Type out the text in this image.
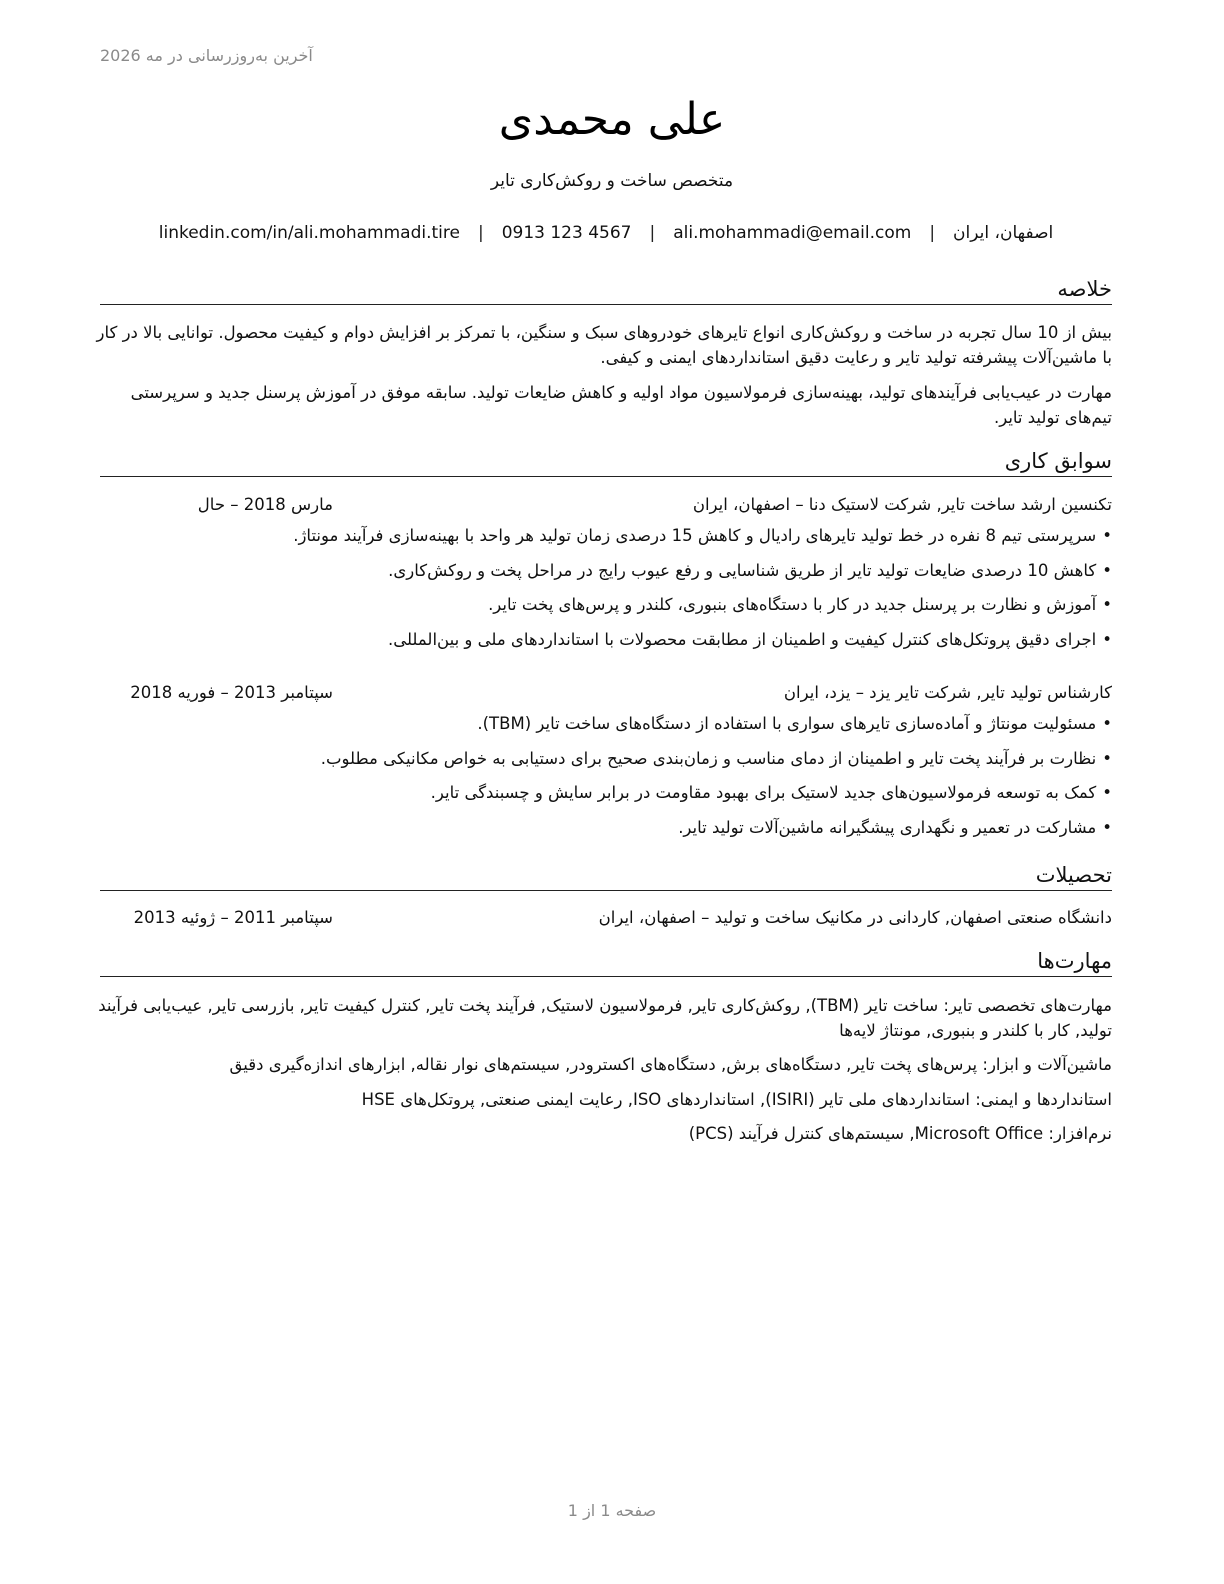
آخرین به‌روزرسانی در مه 2026
علی محمدی
متخصص ساخت و روکش‌کاری تایر
اصفهان، ایران
|
ali.mohammadi@email.com
|
0913 123 4567
|
linkedin.com/in/ali.mohammadi.tire
خلاصه
بیش از 10 سال تجربه در ساخت و روکش‌کاری انواع تایرهای خودروهای سبک و سنگین، با تمرکز بر افزایش دوام و کیفیت محصول. توانایی بالا در کار با ماشین‌آلات پیشرفته تولید تایر و رعایت دقیق استانداردهای ایمنی و کیفی.
مهارت در عیب‌یابی فرآیندهای تولید، بهینه‌سازی فرمولاسیون مواد اولیه و کاهش ضایعات تولید. سابقه موفق در آموزش پرسنل جدید و سرپرستی تیم‌های تولید تایر.
سوابق کاری
تکنسین ارشد ساخت تایر, شرکت لاستیک دنا – اصفهان، ایران
مارس 2018 – حال
•سرپرستی تیم 8 نفره در خط تولید تایرهای رادیال و کاهش 15 درصدی زمان تولید هر واحد با بهینه‌سازی فرآیند مونتاژ.
•کاهش 10 درصدی ضایعات تولید تایر از طریق شناسایی و رفع عیوب رایج در مراحل پخت و روکش‌کاری.
•آموزش و نظارت بر پرسنل جدید در کار با دستگاه‌های بنبوری، کلندر و پرس‌های پخت تایر.
•اجرای دقیق پروتکل‌های کنترل کیفیت و اطمینان از مطابقت محصولات با استانداردهای ملی و بین‌المللی.
کارشناس تولید تایر, شرکت تایر یزد – یزد، ایران
سپتامبر 2013 – فوریه 2018
•مسئولیت مونتاژ و آماده‌سازی تایرهای سواری با استفاده از دستگاه‌های ساخت تایر (TBM).
•نظارت بر فرآیند پخت تایر و اطمینان از دمای مناسب و زمان‌بندی صحیح برای دستیابی به خواص مکانیکی مطلوب.
•کمک به توسعه فرمولاسیون‌های جدید لاستیک برای بهبود مقاومت در برابر سایش و چسبندگی تایر.
•مشارکت در تعمیر و نگهداری پیشگیرانه ماشین‌آلات تولید تایر.
تحصیلات
دانشگاه صنعتی اصفهان, کاردانی در مکانیک ساخت و تولید – اصفهان، ایران
سپتامبر 2011 – ژوئیه 2013
مهارت‌ها
مهارت‌های تخصصی تایر: ساخت تایر (TBM), روکش‌کاری تایر, فرمولاسیون لاستیک, فرآیند پخت تایر, کنترل کیفیت تایر, بازرسی تایر, عیب‌یابی فرآیند تولید, کار با کلندر و بنبوری, مونتاژ لایه‌ها
ماشین‌آلات و ابزار: پرس‌های پخت تایر, دستگاه‌های برش, دستگاه‌های اکسترودر, سیستم‌های نوار نقاله, ابزارهای اندازه‌گیری دقیق
استانداردها و ایمنی: استانداردهای ملی تایر (ISIRI), استانداردهای ISO, رعایت ایمنی صنعتی, پروتکل‌های HSE
نرم‌افزار: Microsoft Office, سیستم‌های کنترل فرآیند (PCS)
صفحه 1 از 1
